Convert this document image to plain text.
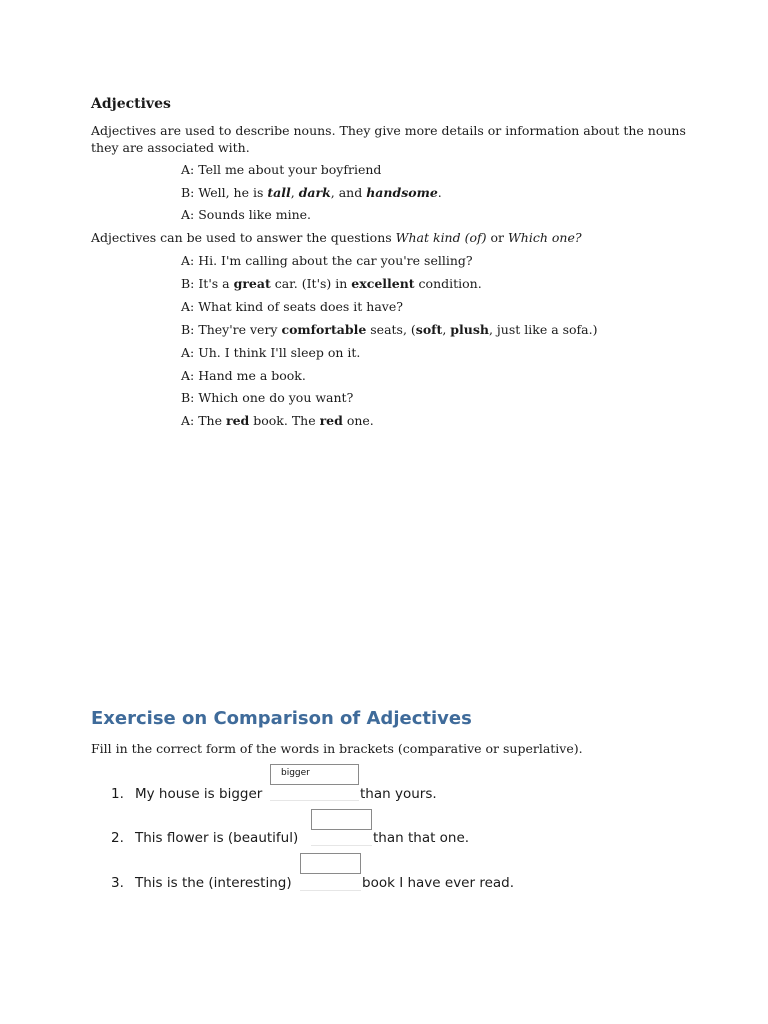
Adjectives
Adjectives are used to describe nouns. They give more details or information about the nouns they are associated with.
A: Tell me about your boyfriend
B: Well, he is tall, dark, and handsome.
A: Sounds like mine.
Adjectives can be used to answer the questions What kind (of) or Which one?
A: Hi. I'm calling about the car you're selling?
B: It's a great car. (It's) in excellent condition.
A: What kind of seats does it have?
B: They're very comfortable seats, (soft, plush, just like a sofa.)
A: Uh. I think I'll sleep on it.
A: Hand me a book.
B: Which one do you want?
A: The red book. The red one.
Exercise on Comparison of Adjectives
Fill in the correct form of the words in brackets (comparative or superlative).
1. My house is bigger
bigger
than yours.
2. This flower is (beautiful)	than that one.
3. This is the (interesting)	book I have ever read.
